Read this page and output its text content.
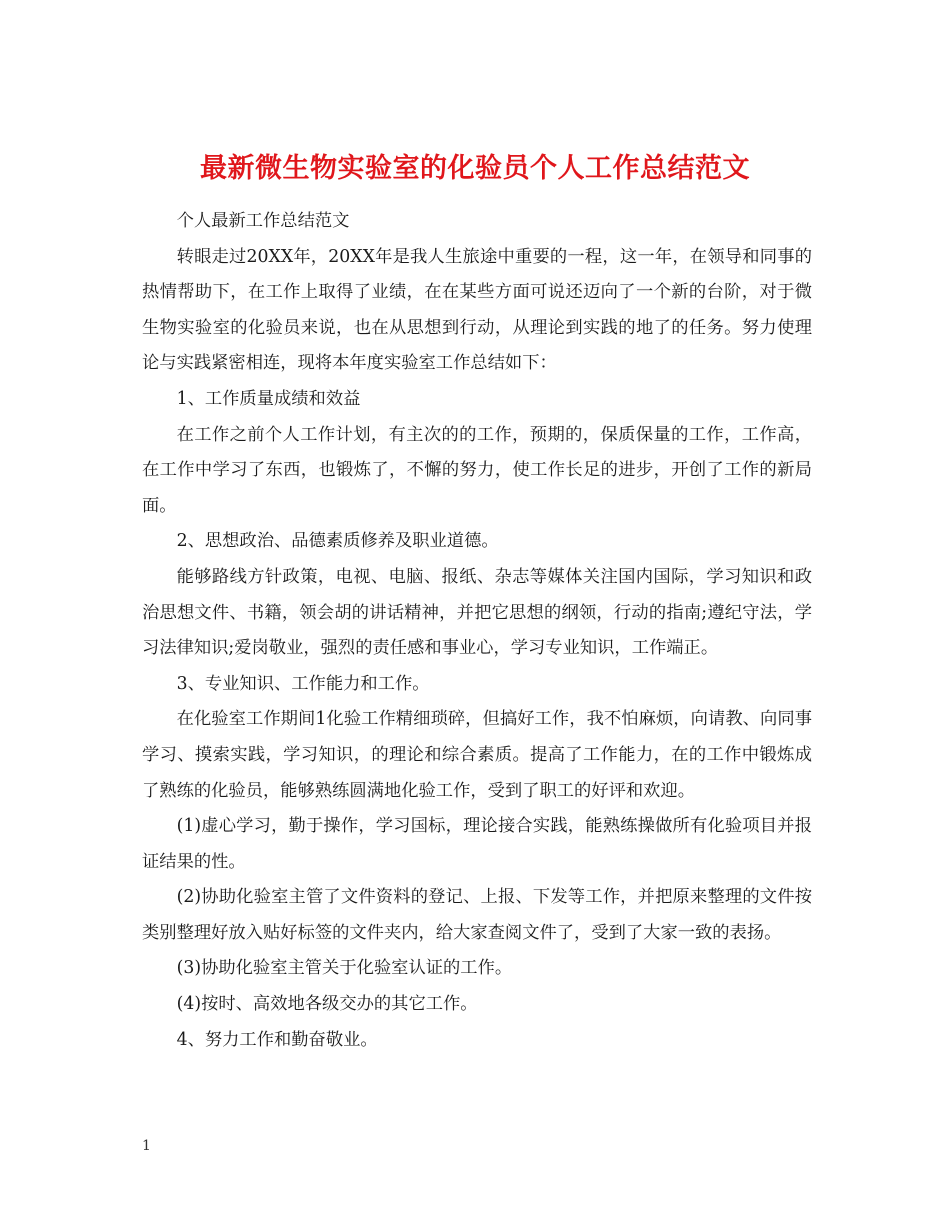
最新微生物实验室的化验员个人工作总结范文

个人最新工作总结范文

转眼走过20XX年，20XX年是我人生旅途中重要的一程，这一年，在领导和同事的热情帮助下，在工作上取得了业绩，在在某些方面可说还迈向了一个新的台阶，对于微生物实验室的化验员来说，也在从思想到行动，从理论到实践的地了的任务。努力使理论与实践紧密相连，现将本年度实验室工作总结如下：

1、工作质量成绩和效益

在工作之前个人工作计划，有主次的的工作，预期的，保质保量的工作，工作高，在工作中学习了东西，也锻炼了，不懈的努力，使工作长足的进步，开创了工作的新局面。

2、思想政治、品德素质修养及职业道德。

能够路线方针政策，电视、电脑、报纸、杂志等媒体关注国内国际，学习知识和政治思想文件、书籍，领会胡的讲话精神，并把它思想的纲领，行动的指南;遵纪守法，学习法律知识;爱岗敬业，强烈的责任感和事业心，学习专业知识，工作端正。

3、专业知识、工作能力和工作。

在化验室工作期间1化验工作精细琐碎，但搞好工作，我不怕麻烦，向请教、向同事学习、摸索实践，学习知识，的理论和综合素质。提高了工作能力，在的工作中锻炼成了熟练的化验员，能够熟练圆满地化验工作，受到了职工的好评和欢迎。

(1)虚心学习，勤于操作，学习国标，理论接合实践，能熟练操做所有化验项目并报证结果的性。

(2)协助化验室主管了文件资料的登记、上报、下发等工作，并把原来整理的文件按类别整理好放入贴好标签的文件夹内，给大家查阅文件了，受到了大家一致的表扬。

(3)协助化验室主管关于化验室认证的工作。

(4)按时、高效地各级交办的其它工作。

4、努力工作和勤奋敬业。

1
